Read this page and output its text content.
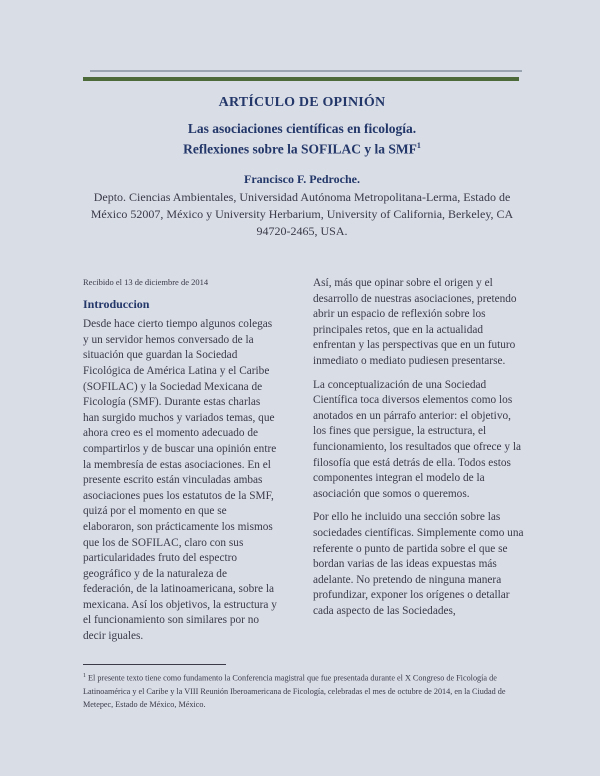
ARTÍCULO DE OPINIÓN
Las asociaciones científicas en ficología.
Reflexiones sobre la SOFILAC y la SMF$^1$
Francisco F. Pedroche.
Depto. Ciencias Ambientales, Universidad Autónoma Metropolitana-Lerma, Estado de México 52007, México y University Herbarium, University of California, Berkeley, CA 94720-2465, USA.
Recibido el 13 de diciembre de 2014
Introduccion

Desde hace cierto tiempo algunos colegas y un servidor hemos conversado de la situación que guardan la Sociedad Ficológica de América Latina y el Caribe (SOFILAC) y la Sociedad Mexicana de Ficología (SMF). Durante estas charlas han surgido muchos y variados temas, que ahora creo es el momento adecuado de compartirlos y de buscar una opinión entre la membresía de estas asociaciones. En el presente escrito están vinculadas ambas asociaciones pues los estatutos de la SMF, quizá por el momento en que se elaboraron, son prácticamente los mismos que los de SOFILAC, claro con sus particularidades fruto del espectro geográfico y de la naturaleza de federación, de la latinoamericana, sobre la mexicana. Así los objetivos, la estructura y el funcionamiento son similares por no decir iguales.

Así, más que opinar sobre el origen y el desarrollo de nuestras asociaciones, pretendo abrir un espacio de reflexión sobre los principales retos, que en la actualidad enfrentan y las perspectivas que en un futuro inmediato o mediato pudiesen presentarse.

La conceptualización de una Sociedad Científica toca diversos elementos como los anotados en un párrafo anterior: el objetivo, los fines que persigue, la estructura, el funcionamiento, los resultados que ofrece y la filosofía que está detrás de ella. Todos estos componentes integran el modelo de la asociación que somos o queremos.

Por ello he incluido una sección sobre las sociedades científicas. Simplemente como una referente o punto de partida sobre el que se bordan varias de las ideas expuestas más adelante. No pretendo de ninguna manera profundizar, exponer los orígenes o detallar cada aspecto de las Sociedades,

$^1$ El presente texto tiene como fundamento la Conferencia magistral que fue presentada durante el X Congreso de Ficología de Latinoamérica y el Caribe y la VIII Reunión Iberoamericana de Ficología, celebradas el mes de octubre de 2014, en la Ciudad de Metepec, Estado de México, México.
